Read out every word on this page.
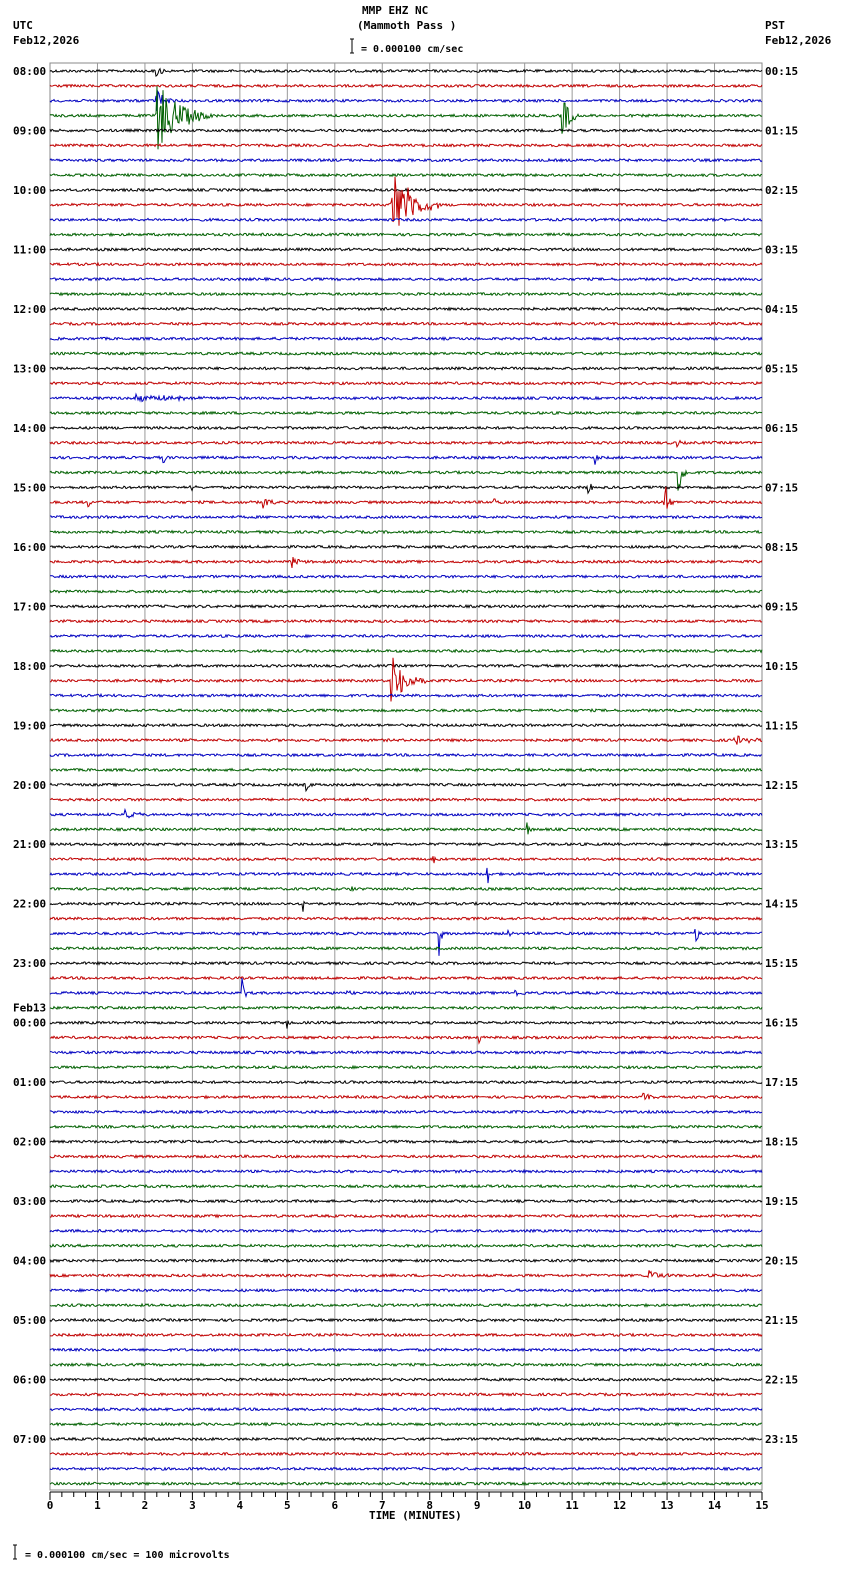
0	1	2	3	4	5	6	7	8	9	10	11	12	13	14	15
08:00
09:00
10:00
11:00
12:00
13:00
14:00
15:00
16:00
17:00
18:00
19:00
20:00
21:00
22:00
23:00
00:00
Feb13
01:00
02:00
03:00
04:00
05:00
06:00
07:00
00:15
01:15
02:15
03:15
04:15
05:15
06:15
07:15
08:15
09:15
10:15
11:15
12:15
13:15
14:15
15:15
16:15
17:15
18:15
19:15
20:15
21:15
22:15
23:15
MMP EHZ NC
(Mammoth Pass )
= 0.000100 cm/sec
UTC
Feb12,2026
PST
Feb12,2026
TIME (MINUTES)
= 0.000100 cm/sec = 100 microvolts
